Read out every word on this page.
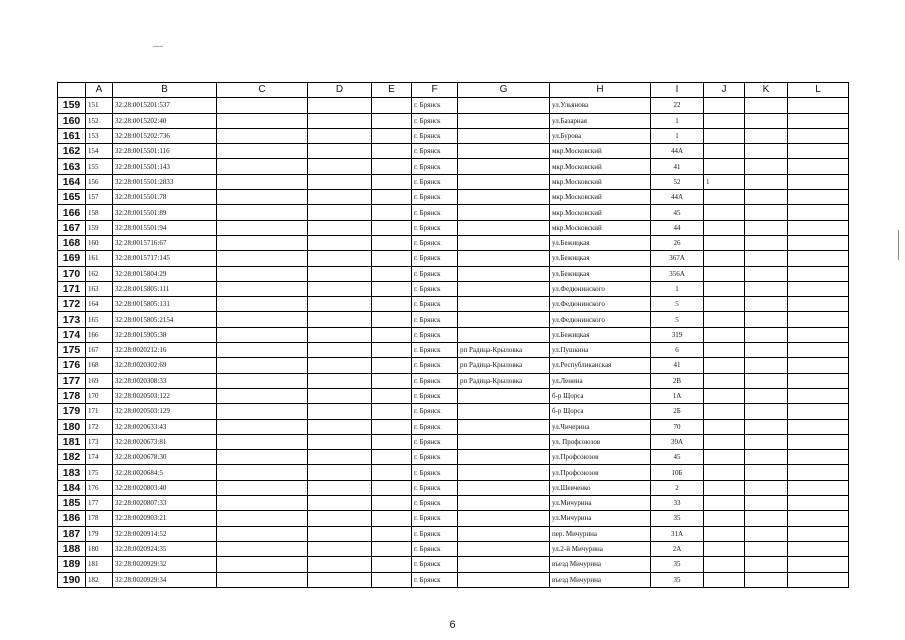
	A	B	C	D	E	F	G	H	I	J	K	L
159	151	32:28:0015201:537				г. Брянск		ул.Ульянова	22			
160	152	32:28:0015202:40				г. Брянск		ул.Базарная	1			
161	153	32:28:0015202:736				г. Брянск		ул.Бурова	1			
162	154	32:28:0015501:116				г. Брянск		мкр.Московский	44А			
163	155	32:28:0015501:143				г. Брянск		мкр.Московский	41			
164	156	32:28:0015501:2833				г. Брянск		мкр.Московский	52	1		
165	157	32:28:0015501:78				г. Брянск		мкр.Московский	44А			
166	158	32:28:0015501:89				г. Брянск		мкр.Московский	45			
167	159	32:28:0015501:94				г. Брянск		мкр.Московский	44			
168	160	32:28:0015716:67				г. Брянск		ул.Бежицкая	26			
169	161	32:28:0015717:145				г. Брянск		ул.Бежицкая	367А			
170	162	32:28:0015804:29				г. Брянск		ул.Бежицкая	356А			
171	163	32:28:0015805:111				г. Брянск		ул.Федюнинского	1			
172	164	32:28:0015805:131				г. Брянск		ул.Федюнинского	5			
173	165	32:28:0015805:2154				г. Брянск		ул.Федюнинского	5			
174	166	32:28:0015905:38				г. Брянск		ул.Бежицкая	319			
175	167	32:28:0020212:16				г. Брянск	рп Радица-Крыловка	ул.Пушкина	6			
176	168	32:28:0020302:69				г. Брянск	рп Радица-Крыловка	ул.Республиканская	41			
177	169	32:28:0020308:33				г. Брянск	рп Радица-Крыловка	ул.Ленина	2В			
178	170	32:28:0020503:122				г. Брянск		б-р Щорса	1А			
179	171	32:28:0020503:129				г. Брянск		б-р Щорса	2Б			
180	172	32:28:0020633:43				г. Брянск		ул.Чичерина	70			
181	173	32:28:0020673:81				г. Брянск		ул. Профсоюзов	39А			
182	174	32:28:0020678:30				г. Брянск		ул.Профсоюзов	45			
183	175	32:28:0020684:5				г. Брянск		ул.Профсоюзов	10Б			
184	176	32:28:0020803:40				г. Брянск		ул.Шевченко	2			
185	177	32:28:0020807:33				г. Брянск		ул.Мичурина	33			
186	178	32:28:0020903:21				г. Брянск		ул.Мичурина	35			
187	179	32:28:0020914:52				г. Брянск		пер. Мичурина	31А			
188	180	32:28:0020924:35				г. Брянск		ул.2-й Мичурина	2А			
189	181	32:28:0020929:32				г. Брянск		въезд Мичурина	35			
190	182	32:28:0020929:34				г. Брянск		въезд Мичурина	35			
6
